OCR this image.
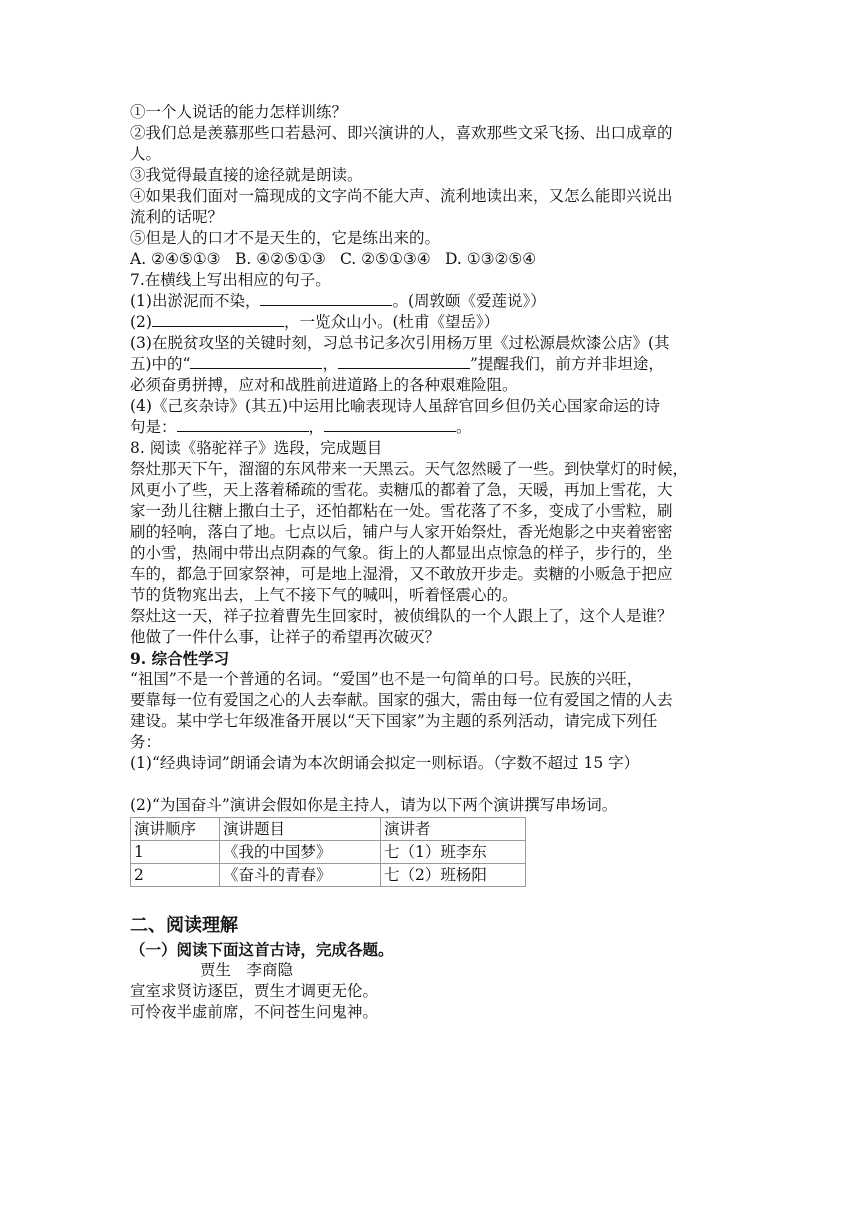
①一个人说话的能力怎样训练？

②我们总是羡慕那些口若悬河、即兴演讲的人，喜欢那些文采飞扬、出口成章的

人。

③我觉得最直接的途径就是朗读。

④如果我们面对一篇现成的文字尚不能大声、流利地读出来，又怎么能即兴说出

流利的话呢？

⑤但是人的口才不是天生的，它是练出来的。

A. ②④⑤①③ B. ④②⑤①③ C. ②⑤①③④ D. ①③②⑤④

7.在横线上写出相应的句子。

(1)出淤泥而不染，	。(周敦颐《爱莲说》）

(2)	，一览众山小。(杜甫《望岳》）

(3)在脱贫攻坚的关键时刻，习总书记多次引用杨万里《过松源晨炊漆公店》(其

五)中的“	，	”提醒我们，前方并非坦途，

必须奋勇拼搏，应对和战胜前进道路上的各种艰难险阻。

(4)《己亥杂诗》(其五)中运用比喻表现诗人虽辞官回乡但仍关心国家命运的诗

句是：	，	。

8. 阅读《骆驼祥子》选段，完成题目

祭灶那天下午，溜溜的东风带来一天黑云。天气忽然暖了一些。到快掌灯的时候，

风更小了些，天上落着稀疏的雪花。卖糖瓜的都着了急，天暖，再加上雪花，大

家一劲儿往糖上撒白土子，还怕都粘在一处。雪花落了不多，变成了小雪粒，刷

刷的轻响，落白了地。七点以后，铺户与人家开始祭灶，香光炮影之中夹着密密

的小雪，热闹中带出点阴森的气象。街上的人都显出点惊急的样子，步行的，坐

车的，都急于回家祭神，可是地上湿滑，又不敢放开步走。卖糖的小贩急于把应

节的货物宨出去，上气不接下气的喊叫，听着怪震心的。

祭灶这一天，祥子拉着曹先生回家时，被侦缉队的一个人跟上了，这个人是谁？

他做了一件什么事，让祥子的希望再次破灭？

9. 综合性学习

“祖国”不是一个普通的名词。“爱国”也不是一句简单的口号。民族的兴旺，

要靠每一位有爱国之心的人去奉献。国家的强大，需由每一位有爱国之情的人去

建设。某中学七年级准备开展以“天下国家”为主题的系列活动，请完成下列任

务：

(1)“经典诗词”朗诵会请为本次朗诵会拟定一则标语。（字数不超过 15 字）

(2)“为国奋斗”演讲会假如你是主持人，请为以下两个演讲撰写串场词。

演讲顺序	演讲题目	演讲者
1	《我的中国梦》	七（1）班李东
2	《奋斗的青春》	七（2）班杨阳

二、阅读理解

（一）阅读下面这首古诗，完成各题。

贾生　李商隐

宣室求贤访逐臣，贾生才调更无伦。

可怜夜半虚前席，不问苍生问鬼神。
